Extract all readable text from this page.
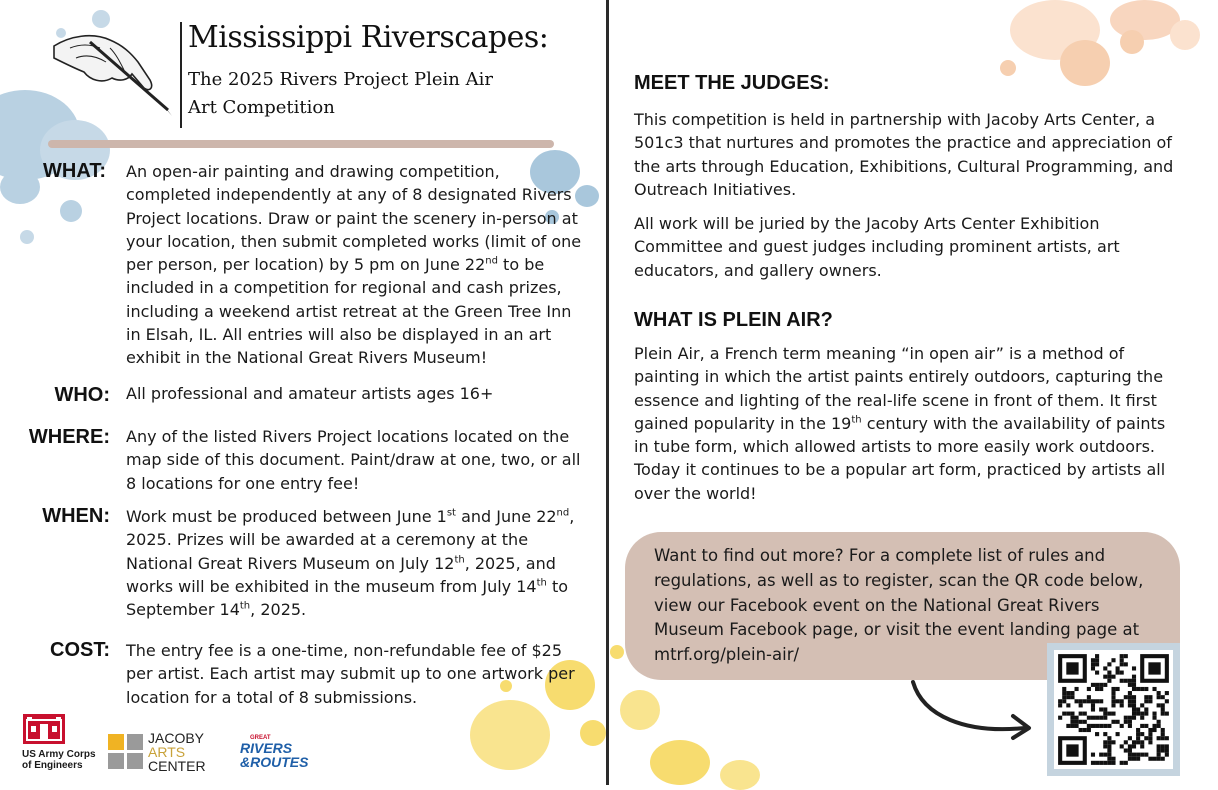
Mississippi Riverscapes:
The 2025 Rivers Project Plein Air Art Competition
WHAT: An open-air painting and drawing competition, completed independently at any of 8 designated Rivers Project locations. Draw or paint the scenery in-person at your location, then submit completed works (limit of one per person, per location) by 5 pm on June 22nd to be included in a competition for regional and cash prizes, including a weekend artist retreat at the Green Tree Inn in Elsah, IL. All entries will also be displayed in an art exhibit in the National Great Rivers Museum!
WHO: All professional and amateur artists ages 16+
WHERE: Any of the listed Rivers Project locations located on the map side of this document. Paint/draw at one, two, or all 8 locations for one entry fee!
WHEN: Work must be produced between June 1st and June 22nd, 2025. Prizes will be awarded at a ceremony at the National Great Rivers Museum on July 12th, 2025, and works will be exhibited in the museum from July 14th to September 14th, 2025.
COST: The entry fee is a one-time, non-refundable fee of $25 per artist. Each artist may submit up to one artwork per location for a total of 8 submissions.
US Army Corps
of Engineers
JACOBY
ARTS
CENTER
GREAT
RIVERS
&ROUTES
MEET THE JUDGES:
This competition is held in partnership with Jacoby Arts Center, a 501c3 that nurtures and promotes the practice and appreciation of the arts through Education, Exhibitions, Cultural Programming, and Outreach Initiatives.
All work will be juried by the Jacoby Arts Center Exhibition Committee and guest judges including prominent artists, art educators, and gallery owners.
WHAT IS PLEIN AIR?
Plein Air, a French term meaning “in open air” is a method of painting in which the artist paints entirely outdoors, capturing the essence and lighting of the real-life scene in front of them. It first gained popularity in the 19th century with the availability of paints in tube form, which allowed artists to more easily work outdoors. Today it continues to be a popular art form, practiced by artists all over the world!
Want to find out more? For a complete list of rules and regulations, as well as to register, scan the QR code below, view our Facebook event on the National Great Rivers Museum Facebook page, or visit the event landing page at mtrf.org/plein-air/
